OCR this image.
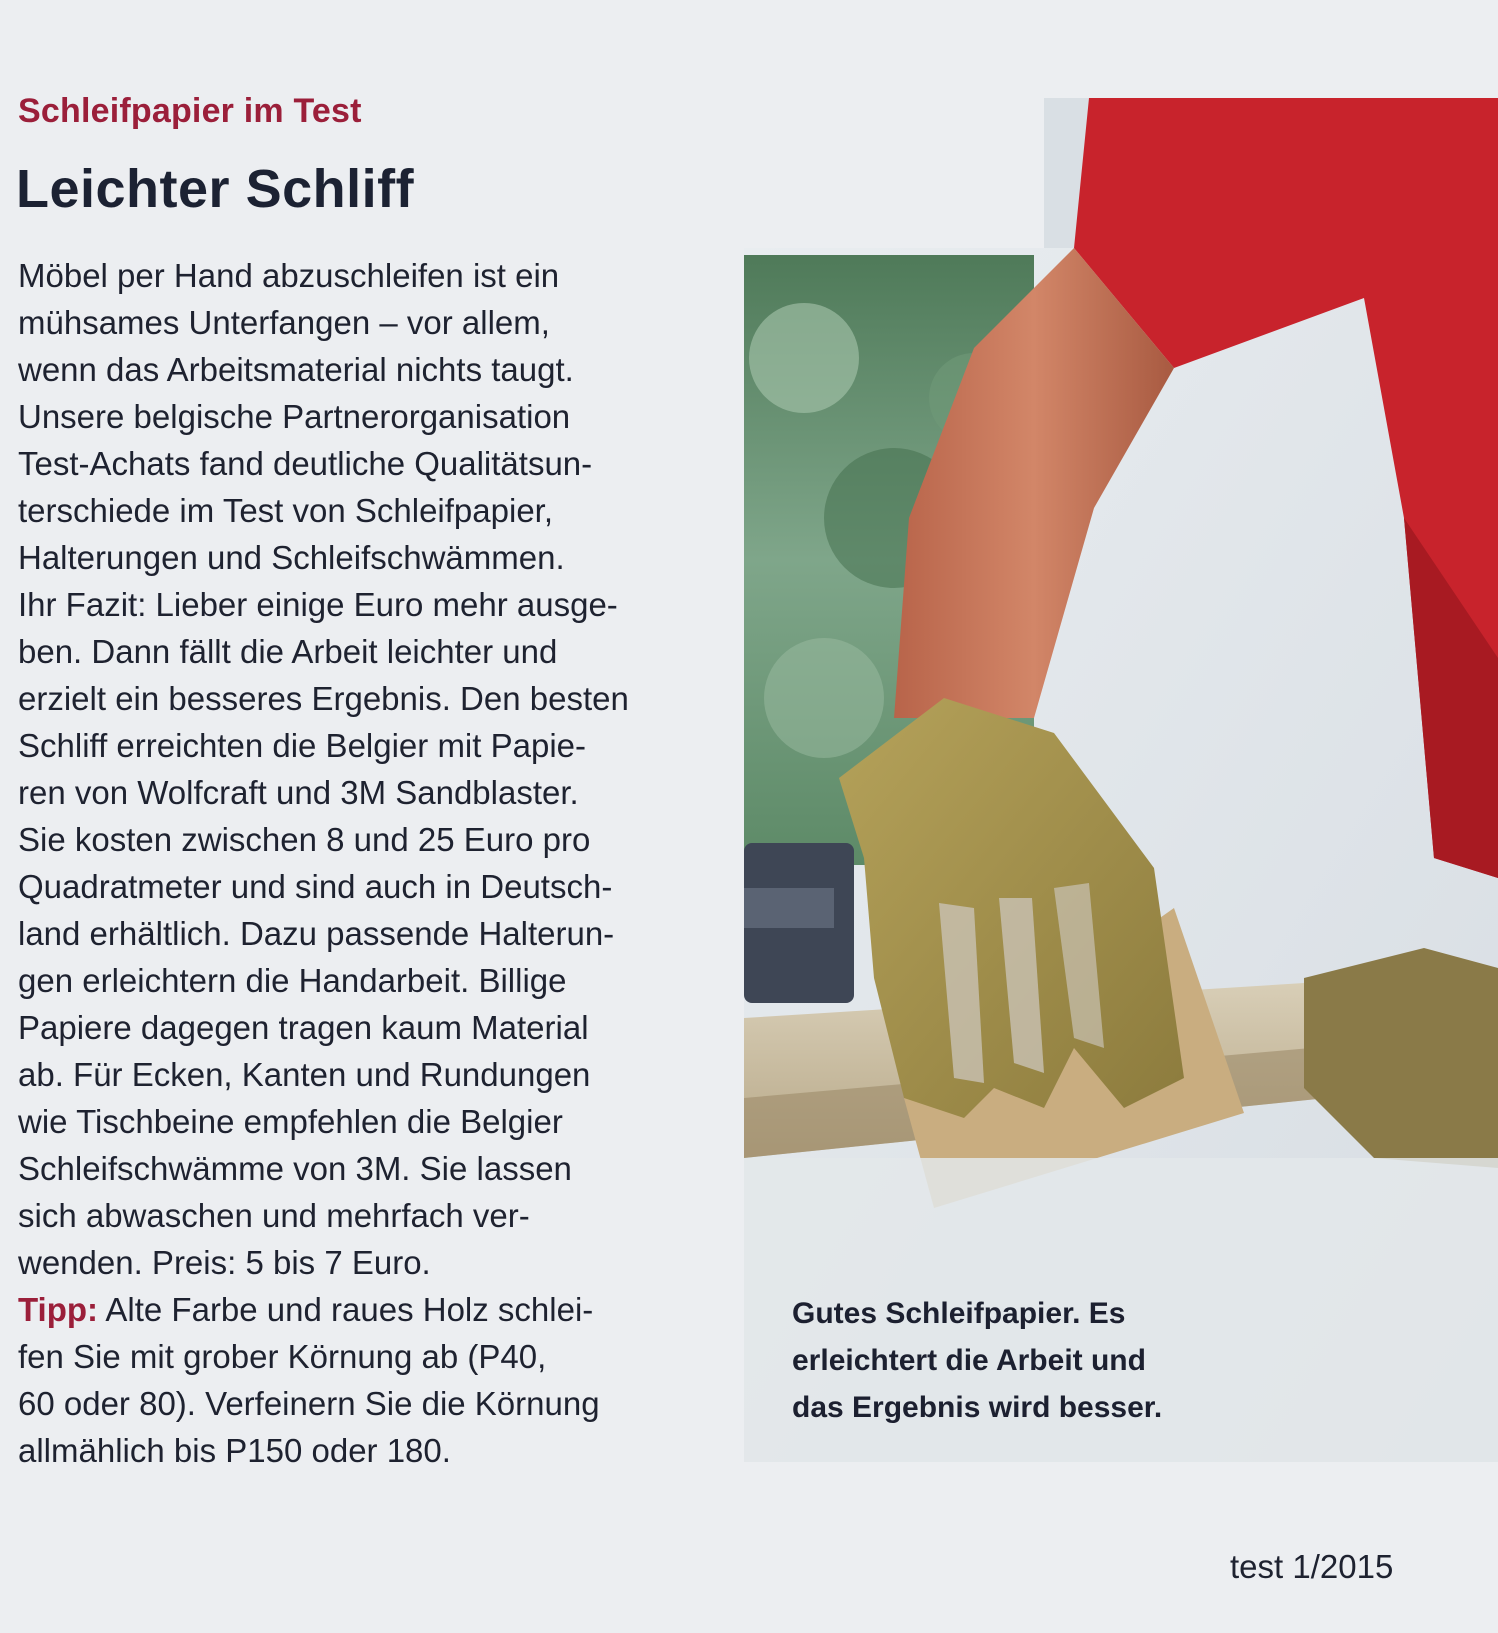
Schleifpapier im Test
Leichter Schliff
Möbel per Hand abzuschleifen ist ein
mühsames Unterfangen – vor allem,
wenn das Arbeitsmaterial nichts taugt.
Unsere belgische Partnerorganisation
Test-Achats fand deutliche Qualitätsun-
terschiede im Test von Schleifpapier,
Halterungen und Schleifschwämmen.
Ihr Fazit: Lieber einige Euro mehr ausge-
ben. Dann fällt die Arbeit leichter und
erzielt ein besseres Ergebnis. Den besten
Schliff erreichten die Belgier mit Papie-
ren von Wolfcraft und 3M Sandblaster.
Sie kosten zwischen 8 und 25 Euro pro
Quadratmeter und sind auch in Deutsch-
land erhältlich. Dazu passende Halterun-
gen erleichtern die Handarbeit. Billige
Papiere dagegen tragen kaum Material
ab. Für Ecken, Kanten und Rundungen
wie Tischbeine empfehlen die Belgier
Schleifschwämme von 3M. Sie lassen
sich abwaschen und mehrfach ver-
wenden. Preis: 5 bis 7 Euro.
Tipp: Alte Farbe und raues Holz schlei-
fen Sie mit grober Körnung ab (P40,
60 oder 80). Verfeinern Sie die Körnung
allmählich bis P150 oder 180.
Gutes Schleifpapier. Es
erleichtert die Arbeit und
das Ergebnis wird besser.
test 1/2015
